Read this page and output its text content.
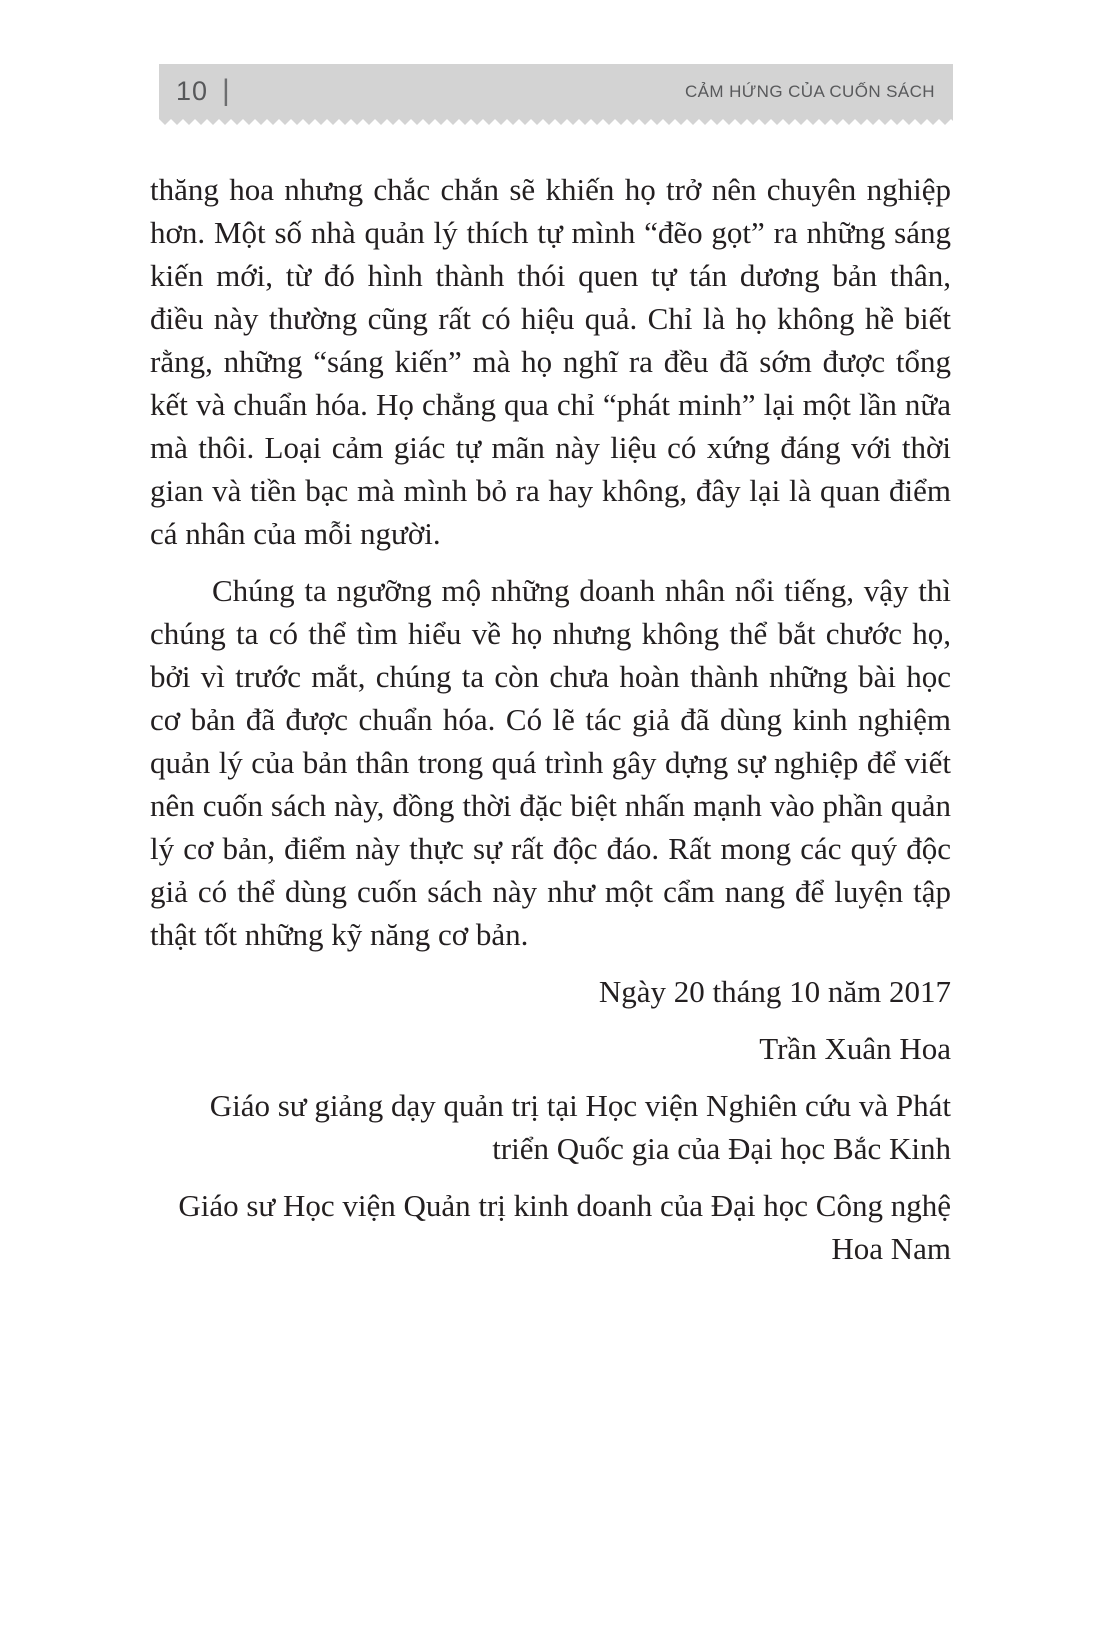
10 |	CẢM HỨNG CỦA CUỐN SÁCH

thăng hoa nhưng chắc chắn sẽ khiến họ trở nên chuyên nghiệp hơn. Một số nhà quản lý thích tự mình “đẽo gọt” ra những sáng kiến mới, từ đó hình thành thói quen tự tán dương bản thân, điều này thường cũng rất có hiệu quả. Chỉ là họ không hề biết rằng, những “sáng kiến” mà họ nghĩ ra đều đã sớm được tổng kết và chuẩn hóa. Họ chẳng qua chỉ “phát minh” lại một lần nữa mà thôi. Loại cảm giác tự mãn này liệu có xứng đáng với thời gian và tiền bạc mà mình bỏ ra hay không, đây lại là quan điểm cá nhân của mỗi người.

Chúng ta ngưỡng mộ những doanh nhân nổi tiếng, vậy thì chúng ta có thể tìm hiểu về họ nhưng không thể bắt chước họ, bởi vì trước mắt, chúng ta còn chưa hoàn thành những bài học cơ bản đã được chuẩn hóa. Có lẽ tác giả đã dùng kinh nghiệm quản lý của bản thân trong quá trình gây dựng sự nghiệp để viết nên cuốn sách này, đồng thời đặc biệt nhấn mạnh vào phần quản lý cơ bản, điểm này thực sự rất độc đáo. Rất mong các quý độc giả có thể dùng cuốn sách này như một cẩm nang để luyện tập thật tốt những kỹ năng cơ bản.

Ngày 20 tháng 10 năm 2017

Trần Xuân Hoa

Giáo sư giảng dạy quản trị tại Học viện Nghiên cứu và Phát triển Quốc gia của Đại học Bắc Kinh

Giáo sư Học viện Quản trị kinh doanh của Đại học Công nghệ Hoa Nam
